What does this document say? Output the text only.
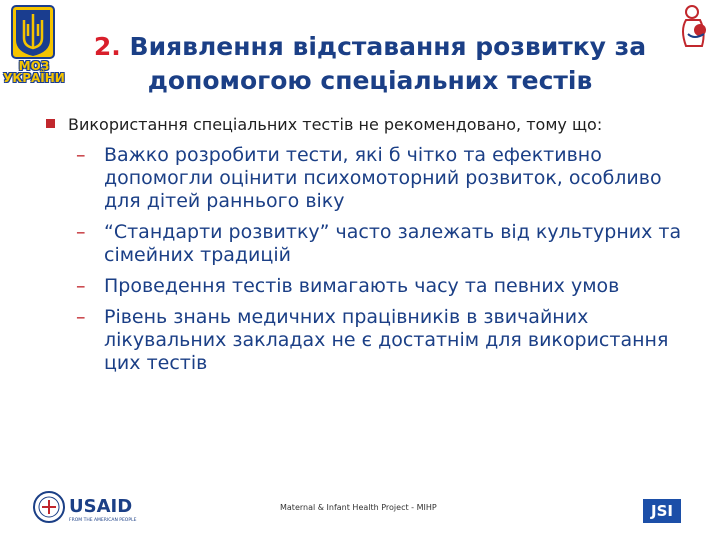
МОЗ
УКРАЇНИ
2. Виявлення відставання розвитку за допомогою спеціальних тестів
Використання спеціальних тестів не рекомендовано, тому що:
– Важко розробити тести, які б чітко та ефективно допомогли оцінити психомоторний розвиток, особливо для дітей раннього віку
– “Стандарти розвитку” часто залежать від культурних та сімейних традицій
– Проведення тестів вимагають часу та певних умов
– Рівень знань медичних працівників в звичайних лікувальних закладах не є достатнім для використання цих тестів
USAID
FROM THE AMERICAN PEOPLE
Maternal & Infant Health Project - MIHP	JSI
